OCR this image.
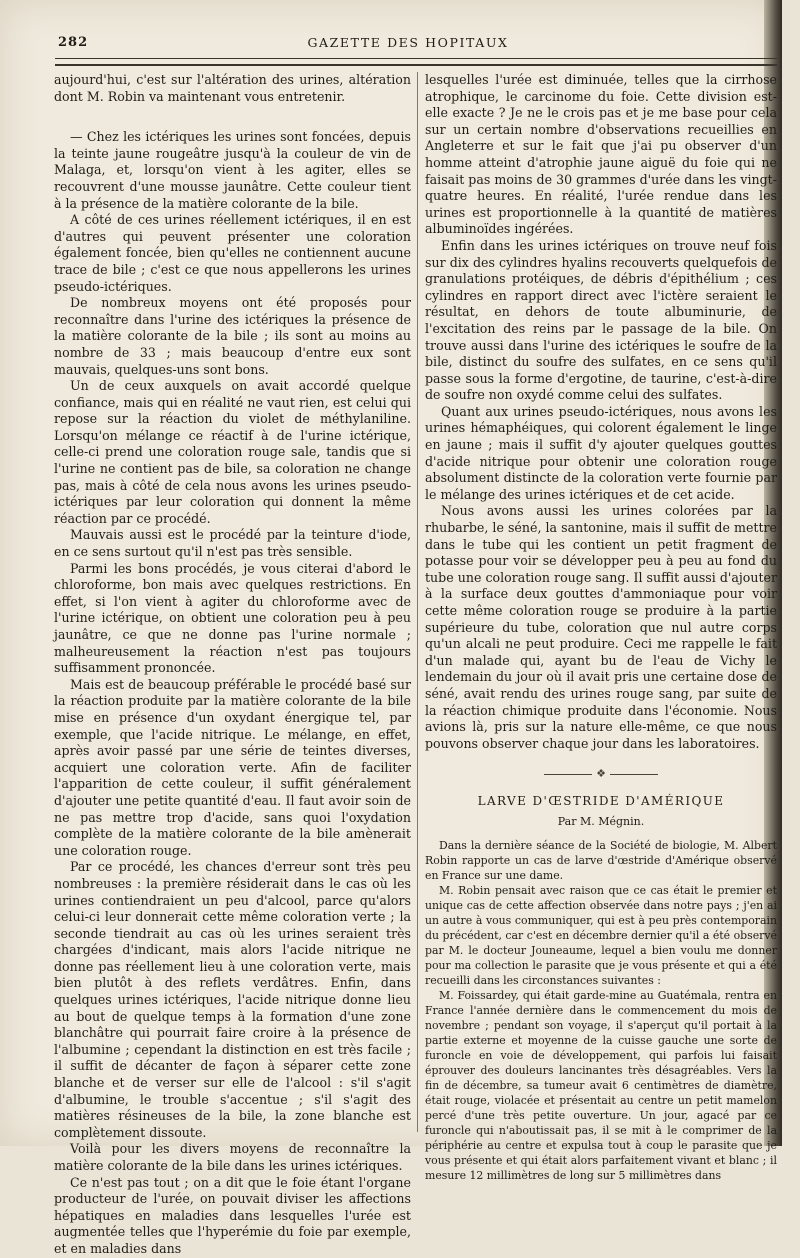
282	GAZETTE DES HOPITAUX

aujourd'hui, c'est sur l'altération des urines, altération dont M. Robin va maintenant vous entretenir.

— Chez les ictériques les urines sont foncées, depuis la teinte jaune rougeâtre jusqu'à la couleur de vin de Malaga, et, lorsqu'on vient à les agiter, elles se recouvrent d'une mousse jaunâtre. Cette couleur tient à la présence de la matière colorante de la bile.

A côté de ces urines réellement ictériques, il en est d'autres qui peuvent présenter une coloration également foncée, bien qu'elles ne contiennent aucune trace de bile ; c'est ce que nous appellerons les urines pseudo-ictériques.

De nombreux moyens ont été proposés pour reconnaître dans l'urine des ictériques la présence de la matière colorante de la bile ; ils sont au moins au nombre de 33 ; mais beaucoup d'entre eux sont mauvais, quelques-uns sont bons.

Un de ceux auxquels on avait accordé quelque confiance, mais qui en réalité ne vaut rien, est celui qui repose sur la réaction du violet de méthylaniline. Lorsqu'on mélange ce réactif à de l'urine ictérique, celle-ci prend une coloration rouge sale, tandis que si l'urine ne contient pas de bile, sa coloration ne change pas, mais à côté de cela nous avons les urines pseudo-ictériques par leur coloration qui donnent la même réaction par ce procédé.

Mauvais aussi est le procédé par la teinture d'iode, en ce sens surtout qu'il n'est pas très sensible.

Parmi les bons procédés, je vous citerai d'abord le chloroforme, bon mais avec quelques restrictions. En effet, si l'on vient à agiter du chloroforme avec de l'urine ictérique, on obtient une coloration peu à peu jaunâtre, ce que ne donne pas l'urine normale ; malheureusement la réaction n'est pas toujours suffisamment prononcée.

Mais est de beaucoup préférable le procédé basé sur la réaction produite par la matière colorante de la bile mise en présence d'un oxydant énergique tel, par exemple, que l'acide nitrique. Le mélange, en effet, après avoir passé par une série de teintes diverses, acquiert une coloration verte. Afin de faciliter l'apparition de cette couleur, il suffit généralement d'ajouter une petite quantité d'eau. Il faut avoir soin de ne pas mettre trop d'acide, sans quoi l'oxydation complète de la matière colorante de la bile amènerait une coloration rouge.

Par ce procédé, les chances d'erreur sont très peu nombreuses : la première résiderait dans le cas où les urines contiendraient un peu d'alcool, parce qu'alors celui-ci leur donnerait cette même coloration verte ; la seconde tiendrait au cas où les urines seraient très chargées d'indicant, mais alors l'acide nitrique ne donne pas réellement lieu à une coloration verte, mais bien plutôt à des reflets verdâtres. Enfin, dans quelques urines ictériques, l'acide nitrique donne lieu au bout de quelque temps à la formation d'une zone blanchâtre qui pourrait faire croire à la présence de l'albumine ; cependant la distinction en est très facile ; il suffit de décanter de façon à séparer cette zone blanche et de verser sur elle de l'alcool : s'il s'agit d'albumine, le trouble s'accentue ; s'il s'agit des matières résineuses de la bile, la zone blanche est complètement dissoute.

Voilà pour les divers moyens de reconnaître la matière colorante de la bile dans les urines ictériques.

Ce n'est pas tout ; on a dit que le foie étant l'organe producteur de l'urée, on pouvait diviser les affections hépatiques en maladies dans lesquelles l'urée est augmentée telles que l'hyperémie du foie par exemple, et en maladies dans

lesquelles l'urée est diminuée, telles que la cirrhose atrophique, le carcinome du foie. Cette division est-elle exacte ? Je ne le crois pas et je me base pour cela sur un certain nombre d'observations recueillies en Angleterre et sur le fait que j'ai pu observer d'un homme atteint d'atrophie jaune aiguë du foie qui ne faisait pas moins de 30 grammes d'urée dans les vingt-quatre heures. En réalité, l'urée rendue dans les urines est proportionnelle à la quantité de matières albuminoïdes ingérées.

Enfin dans les urines ictériques on trouve neuf fois sur dix des cylindres hyalins recouverts quelquefois de granulations protéiques, de débris d'épithélium ; ces cylindres en rapport direct avec l'ictère seraient le résultat, en dehors de toute albuminurie, de l'excitation des reins par le passage de la bile. On trouve aussi dans l'urine des ictériques le soufre de la bile, distinct du soufre des sulfates, en ce sens qu'il passe sous la forme d'ergotine, de taurine, c'est-à-dire de soufre non oxydé comme celui des sulfates.

Quant aux urines pseudo-ictériques, nous avons les urines hémaphéiques, qui colorent également le linge en jaune ; mais il suffit d'y ajouter quelques gouttes d'acide nitrique pour obtenir une coloration rouge absolument distincte de la coloration verte fournie par le mélange des urines ictériques et de cet acide.

Nous avons aussi les urines colorées par la rhubarbe, le séné, la santonine, mais il suffit de mettre dans le tube qui les contient un petit fragment de potasse pour voir se développer peu à peu au fond du tube une coloration rouge sang. Il suffit aussi d'ajouter à la surface deux gouttes d'ammoniaque pour voir cette même coloration rouge se produire à la partie supérieure du tube, coloration que nul autre corps qu'un alcali ne peut produire. Ceci me rappelle le fait d'un malade qui, ayant bu de l'eau de Vichy le lendemain du jour où il avait pris une certaine dose de séné, avait rendu des urines rouge sang, par suite de la réaction chimique produite dans l'économie. Nous avions là, pris sur la nature elle-même, ce que nous pouvons observer chaque jour dans les laboratoires.

❖
LARVE D'ŒSTRIDE D'AMÉRIQUE
Par M. Mégnin.

Dans la dernière séance de la Société de biologie, M. Albert Robin rapporte un cas de larve d'œstride d'Amérique observé en France sur une dame.

M. Robin pensait avec raison que ce cas était le premier et unique cas de cette affection observée dans notre pays ; j'en ai un autre à vous communiquer, qui est à peu près contemporain du précédent, car c'est en décembre dernier qu'il a été observé par M. le docteur Jouneaume, lequel a bien voulu me donner pour ma collection le parasite que je vous présente et qui a été recueilli dans les circonstances suivantes :

M. Foissardey, qui était garde-mine au Guatémala, rentra en France l'année dernière dans le commencement du mois de novembre ; pendant son voyage, il s'aperçut qu'il portait à la partie externe et moyenne de la cuisse gauche une sorte de furoncle en voie de développement, qui parfois lui faisait éprouver des douleurs lancinantes très désagréables. Vers la fin de décembre, sa tumeur avait 6 centimètres de diamètre, était rouge, violacée et présentait au centre un petit mamelon percé d'une très petite ouverture. Un jour, agacé par ce furoncle qui n'aboutissait pas, il se mit à le comprimer de la périphérie au centre et expulsa tout à coup le parasite que je vous présente et qui était alors parfaitement vivant et blanc ; il mesure 12 millimètres de long sur 5 millimètres dans
